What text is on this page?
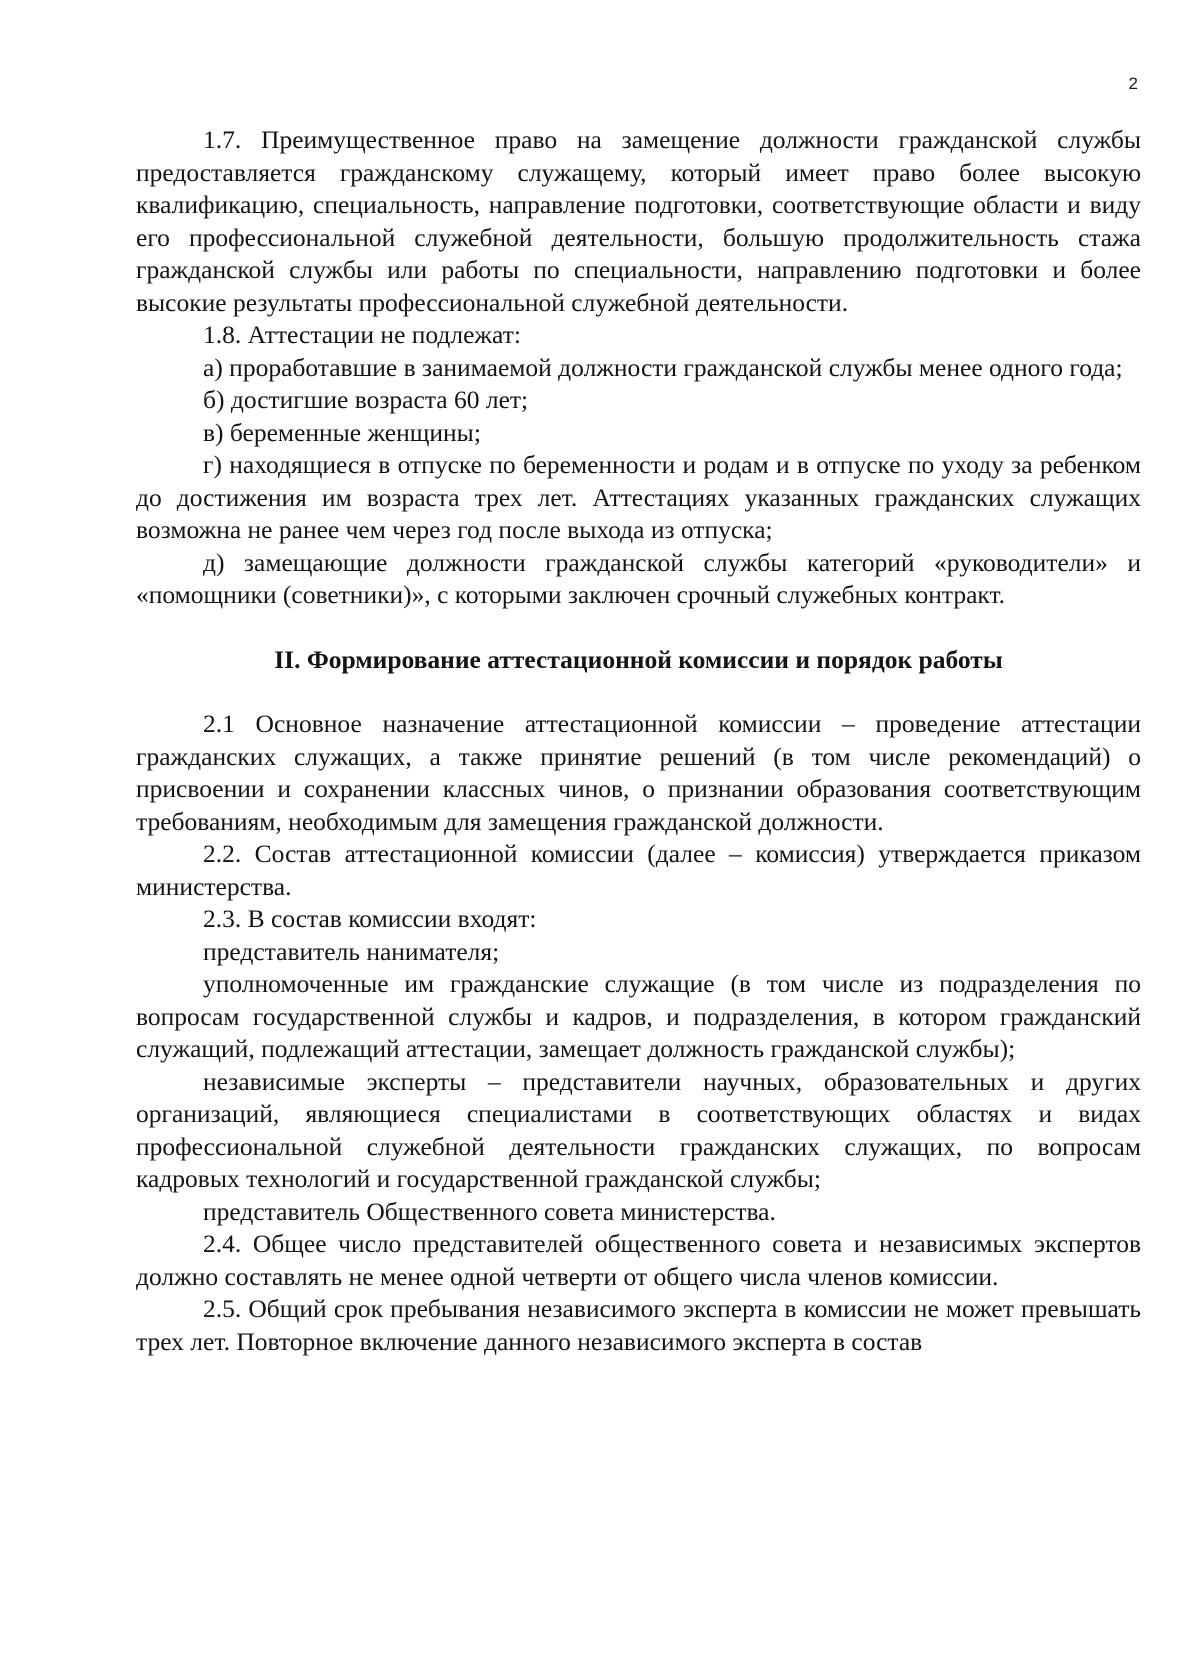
2

1.7. Преимущественное право на замещение должности гражданской службы предоставляется гражданскому служащему, который имеет право более высокую квалификацию, специальность, направление подготовки, соответствующие области и виду его профессиональной служебной деятельности, большую продолжительность стажа гражданской службы или работы по специальности, направлению подготовки и более высокие результаты профессиональной служебной деятельности.

1.8. Аттестации не подлежат:

а) проработавшие в занимаемой должности гражданской службы менее одного года;

б) достигшие возраста 60 лет;

в) беременные женщины;

г) находящиеся в отпуске по беременности и родам и в отпуске по уходу за ребенком до достижения им возраста трех лет. Аттестациях указанных гражданских служащих возможна не ранее чем через год после выхода из отпуска;

д) замещающие должности гражданской службы категорий «руководители» и «помощники (советники)», с которыми заключен срочный служебных контракт.

II. Формирование аттестационной комиссии и порядок работы

2.1 Основное назначение аттестационной комиссии – проведение аттестации гражданских служащих, а также принятие решений (в том числе рекомендаций) о присвоении и сохранении классных чинов, о признании образования соответствующим требованиям, необходимым для замещения гражданской должности.

2.2. Состав аттестационной комиссии (далее – комиссия) утверждается приказом министерства.

2.3. В состав комиссии входят:

представитель нанимателя;

уполномоченные им гражданские служащие (в том числе из подразделения по вопросам государственной службы и кадров, и подразделения, в котором гражданский служащий, подлежащий аттестации, замещает должность гражданской службы);

независимые эксперты – представители научных, образовательных и других организаций, являющиеся специалистами в соответствующих областях и видах профессиональной служебной деятельности гражданских служащих, по вопросам кадровых технологий и государственной гражданской службы;

представитель Общественного совета министерства.

2.4. Общее число представителей общественного совета и независимых экспертов должно составлять не менее одной четверти от общего числа членов комиссии.

2.5. Общий срок пребывания независимого эксперта в комиссии не может превышать трех лет. Повторное включение данного независимого эксперта в состав
